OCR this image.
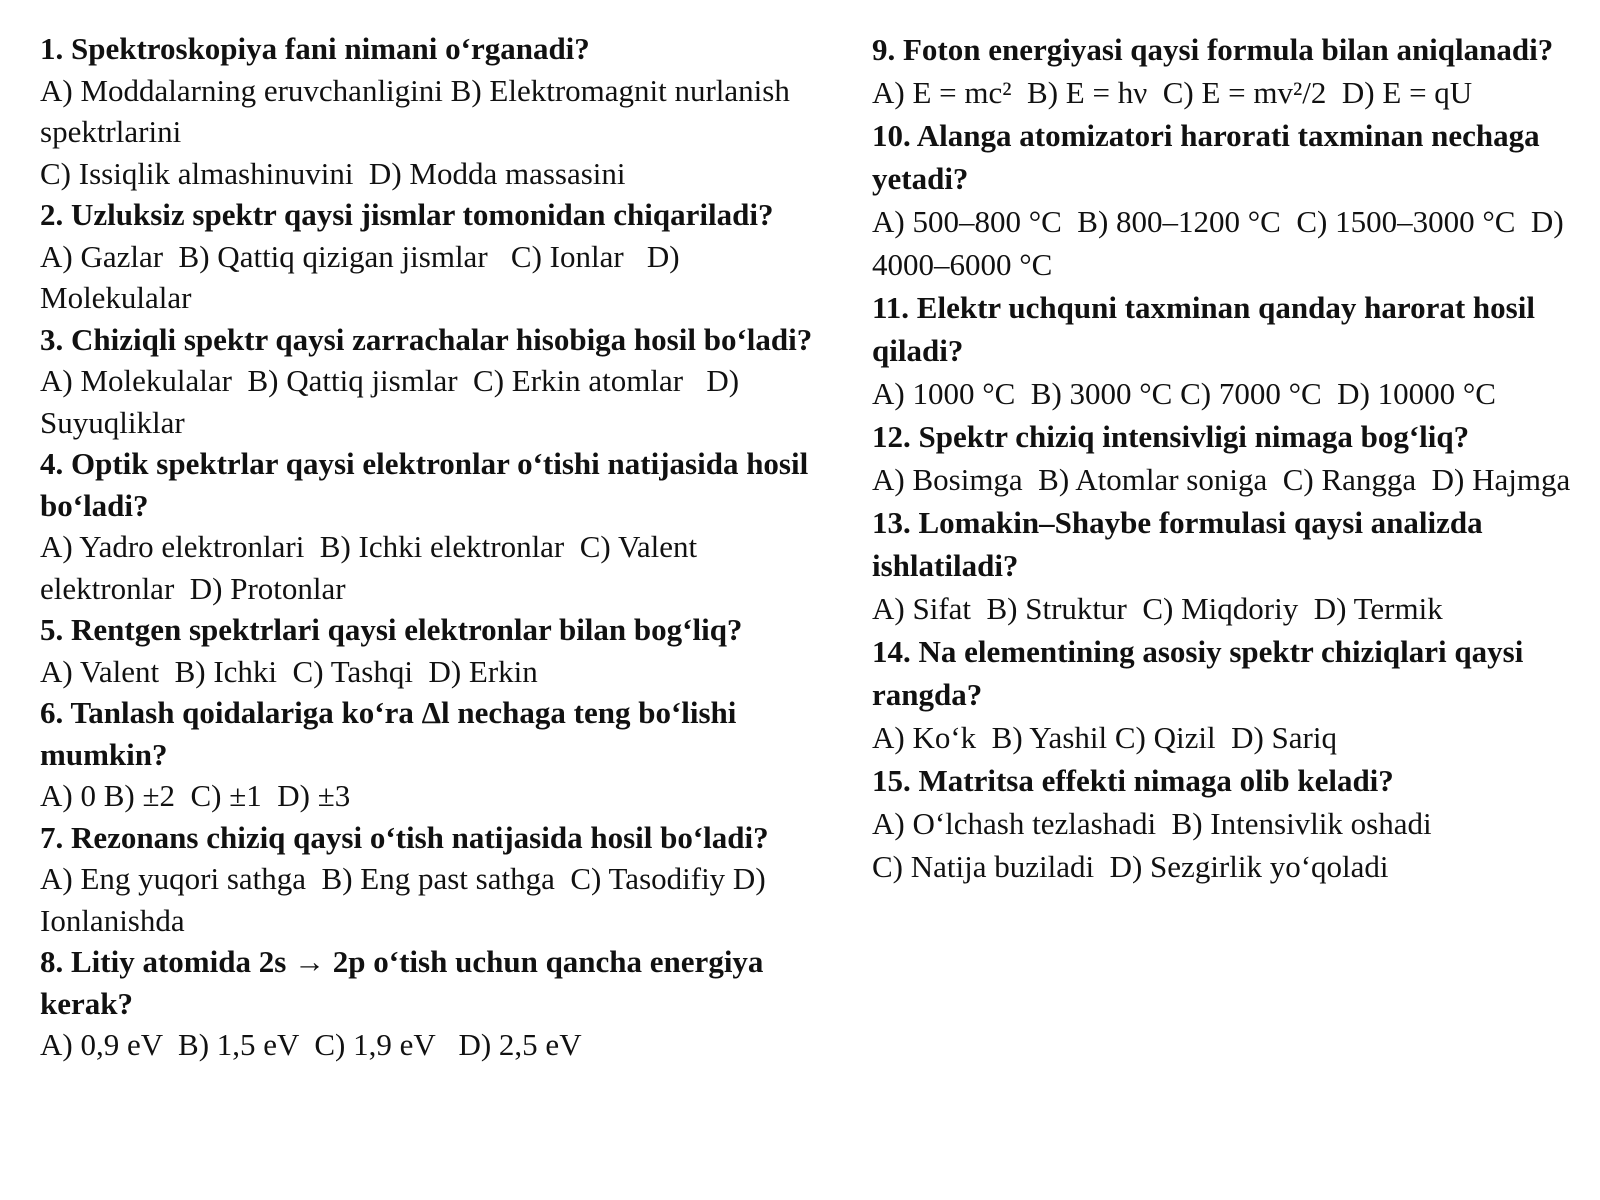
1. Spektroskopiya fani nimani oʻrganadi?

A) Moddalarning eruvchanligini B) Elektromagnit nurlanish spektrlarini
C) Issiqlik almashinuvini  D) Modda massasini

2. Uzluksiz spektr qaysi jismlar tomonidan chiqariladi?

A) Gazlar  B) Qattiq qizigan jismlar   C) Ionlar   D) Molekulalar

3. Chiziqli spektr qaysi zarrachalar hisobiga hosil boʻladi?

A) Molekulalar  B) Qattiq jismlar  C) Erkin atomlar   D) Suyuqliklar

4. Optik spektrlar qaysi elektronlar oʻtishi natijasida hosil boʻladi?

A) Yadro elektronlari  B) Ichki elektronlar  C) Valent elektronlar  D) Protonlar

5. Rentgen spektrlari qaysi elektronlar bilan bogʻliq?

A) Valent  B) Ichki  C) Tashqi  D) Erkin

6. Tanlash qoidalariga koʻra Δl nechaga teng boʻlishi mumkin?

A) 0 B) ±2  C) ±1  D) ±3

7. Rezonans chiziq qaysi oʻtish natijasida hosil boʻladi?

A) Eng yuqori sathga  B) Eng past sathga  C) Tasodifiy D) Ionlanishda

8. Litiy atomida 2s → 2p oʻtish uchun qancha energiya kerak?

A) 0,9 eV  B) 1,5 eV  C) 1,9 eV   D) 2,5 eV

9. Foton energiyasi qaysi formula bilan aniqlanadi?

A) E = mc²  B) E = hν  C) E = mv²/2  D) E = qU

10. Alanga atomizatori harorati taxminan nechaga yetadi?

A) 500–800 °C  B) 800–1200 °C  C) 1500–3000 °C  D) 4000–6000 °C

11. Elektr uchquni taxminan qanday harorat hosil qiladi?

A) 1000 °C  B) 3000 °C C) 7000 °C  D) 10000 °C

12. Spektr chiziq intensivligi nimaga bogʻliq?

A) Bosimga  B) Atomlar soniga  C) Rangga  D) Hajmga

13. Lomakin–Shaybe formulasi qaysi analizda ishlatiladi?

A) Sifat  B) Struktur  C) Miqdoriy  D) Termik

14. Na elementining asosiy spektr chiziqlari qaysi rangda?

A) Koʻk  B) Yashil C) Qizil  D) Sariq

15. Matritsa effekti nimaga olib keladi?

A) Oʻlchash tezlashadi  B) Intensivlik oshadi
C) Natija buziladi  D) Sezgirlik yoʻqoladi
